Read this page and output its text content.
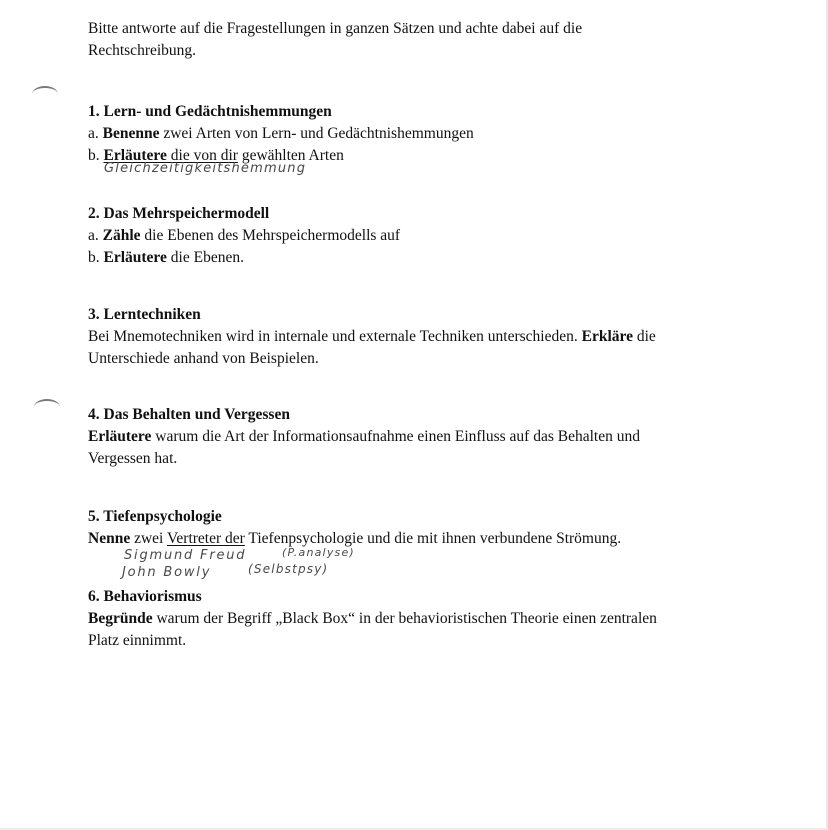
Bitte antworte auf die Fragestellungen in ganzen Sätzen und achte dabei auf die
Rechtschreibung.
1. Lern- und Gedächtnishemmungen
a. Benenne zwei Arten von Lern- und Gedächtnishemmungen
b. Erläutere die von dir gewählten Arten
Gleichzeitigkeitshemmung
2. Das Mehrspeichermodell
a. Zähle die Ebenen des Mehrspeichermodells auf
b. Erläutere die Ebenen.
3. Lerntechniken
Bei Mnemotechniken wird in internale und externale Techniken unterschieden. Erkläre die
Unterschiede anhand von Beispielen.
4. Das Behalten und Vergessen
Erläutere warum die Art der Informationsaufnahme einen Einfluss auf das Behalten und
Vergessen hat.
5. Tiefenpsychologie
Nenne zwei Vertreter der Tiefenpsychologie und die mit ihnen verbundene Strömung.
Sigmund Freud	(P.analyse)
John Bowly	(Selbstpsy)
6. Behaviorismus
Begründe warum der Begriff „Black Box“ in der behavioristischen Theorie einen zentralen
Platz einnimmt.
